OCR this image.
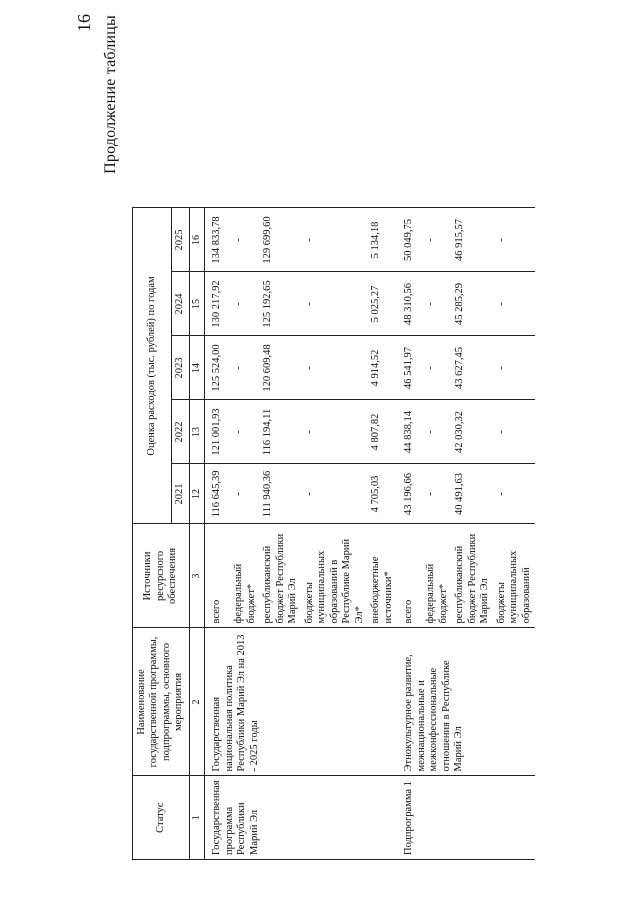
16 Продолжение таблицы
Статус	Наименование государственной программы, подпрограммы, основного мероприятия	Источники ресурсного обеспечения	Оценка расходов (тыс. рублей) по годам				
			2021	2022	2023	2024	2025
1	2	3	12	13	14	15	16
Государственная программа Республики Марий Эл	Государственная национальная политика Республики Марий Эл на 2013 - 2025 годы	всего	116 645,39	121 001,93	125 524,00	130 217,92	134 833,78
		федеральный бюджет*	-	-	-	-	-
		республиканский бюджет Республики Марий Эл	111 940,36	116 194,11	120 609,48	125 192,65	129 699,60
		бюджеты муниципальных образований в Республике Марий Эл*	-	-	-	-	-
		внебюджетные источники*	4 705,03	4 807,82	4 914,52	5 025,27	5 134,18
Подпрограмма 1	Этнокультурное развитие, межнациональные и межконфессиональные отношения в Республике Марий Эл	всего	43 196,66	44 838,14	46 541,97	48 310,56	50 049,75
		федеральный бюджет*	-	-	-	-	-
		республиканский бюджет Республики Марий Эл	40 491,63	42 030,32	43 627,45	45 285,29	46 915,57
		бюджеты муниципальных образований	-	-	-	-	-
